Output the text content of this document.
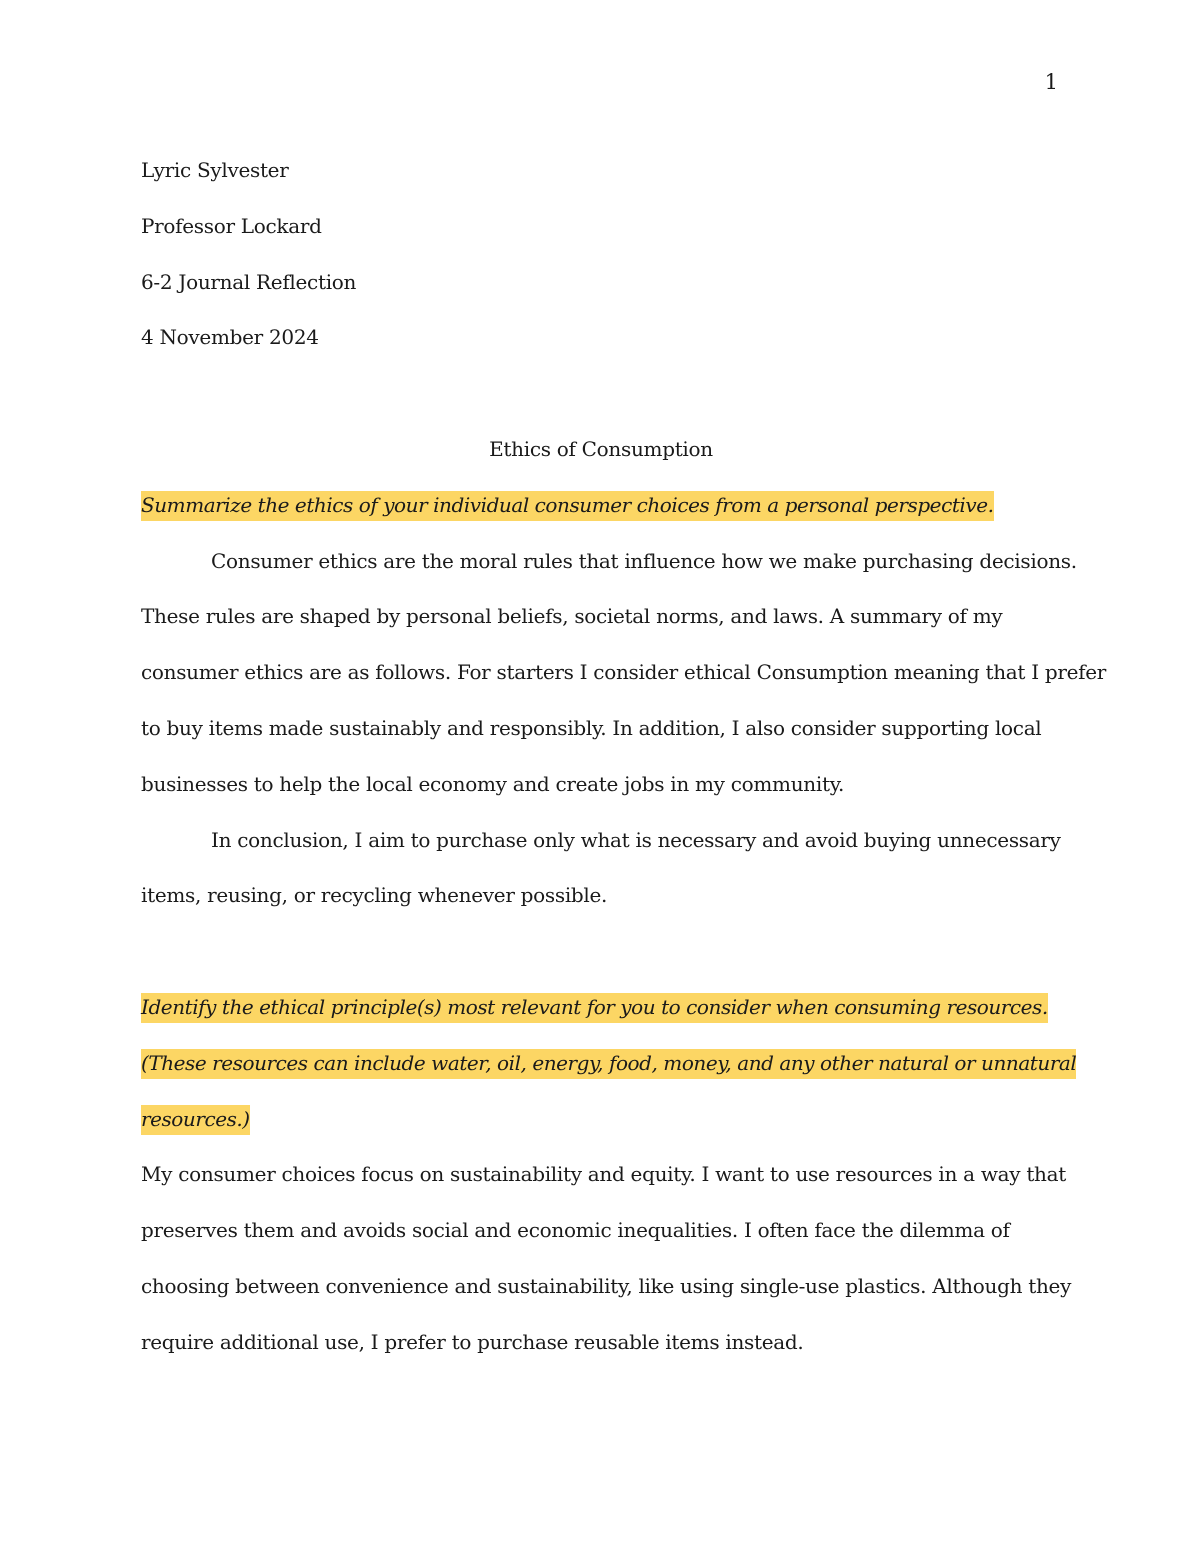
1
Lyric Sylvester
Professor Lockard
6-2 Journal Reflection
4 November 2024
Ethics of Consumption
Summarize the ethics of your individual consumer choices from a personal perspective.
Consumer ethics are the moral rules that influence how we make purchasing decisions.
These rules are shaped by personal beliefs, societal norms, and laws. A summary of my
consumer ethics are as follows. For starters I consider ethical Consumption meaning that I prefer
to buy items made sustainably and responsibly. In addition, I also consider supporting local
businesses to help the local economy and create jobs in my community.
In conclusion, I aim to purchase only what is necessary and avoid buying unnecessary
items, reusing, or recycling whenever possible.
Identify the ethical principle(s) most relevant for you to consider when consuming resources.
(These resources can include water, oil, energy, food, money, and any other natural or unnatural
resources.)
My consumer choices focus on sustainability and equity. I want to use resources in a way that
preserves them and avoids social and economic inequalities. I often face the dilemma of
choosing between convenience and sustainability, like using single-use plastics. Although they
require additional use, I prefer to purchase reusable items instead.
